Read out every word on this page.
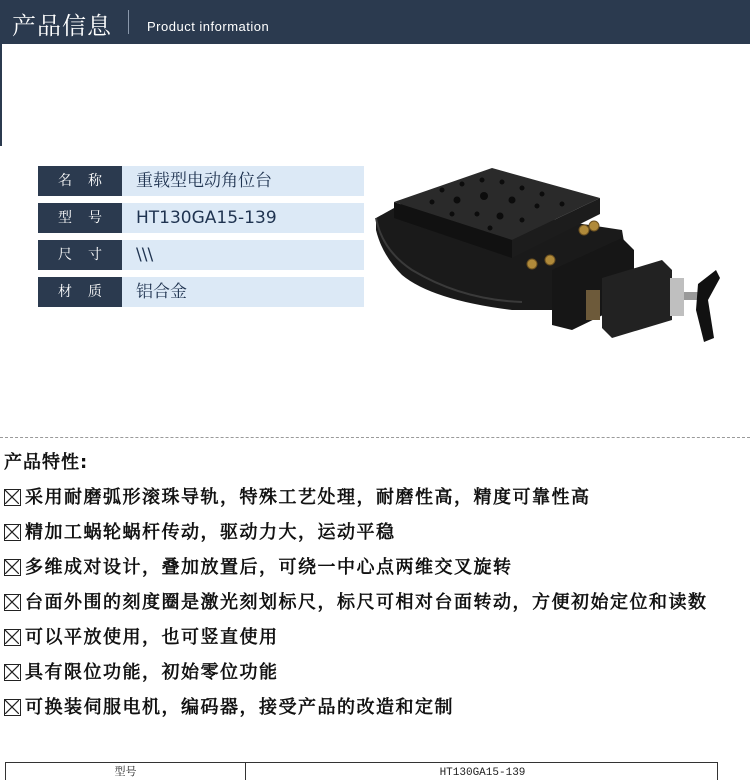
产品信息	Product information
名称 重载型电动角位台
型号 HT130GA15-139
尺寸 \\\
材质 铝合金
产品特性:
采用耐磨弧形滚珠导轨，特殊工艺处理，耐磨性高，精度可靠性高
精加工蜗轮蜗杆传动，驱动力大，运动平稳
多维成对设计，叠加放置后，可绕一中心点两维交叉旋转
台面外围的刻度圈是激光刻划标尺，标尺可相对台面转动，方便初始定位和读数
可以平放使用，也可竖直使用
具有限位功能，初始零位功能
可换装伺服电机，编码器，接受产品的改造和定制
型号	HT130GA15-139
